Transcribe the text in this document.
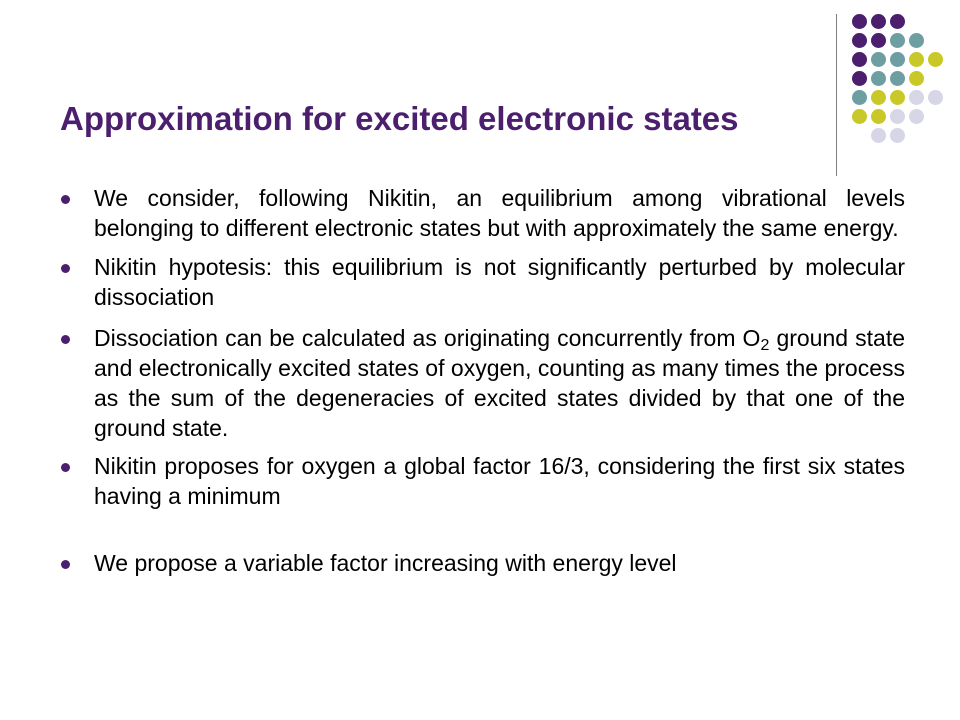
Approximation for excited electronic states
We consider, following Nikitin, an equilibrium among vibrational levels belonging to different electronic states but with approximately the same energy.
Nikitin hypotesis: this equilibrium is not significantly perturbed by molecular dissociation
Dissociation can be calculated as originating concurrently from $O_2$ ground state and electronically excited states of oxygen, counting as many times the process as the sum of the degeneracies of excited states divided by that one of the ground state.
Nikitin proposes for oxygen a global factor 16/3, considering the first six states having a minimum
We propose a variable factor increasing with energy level
